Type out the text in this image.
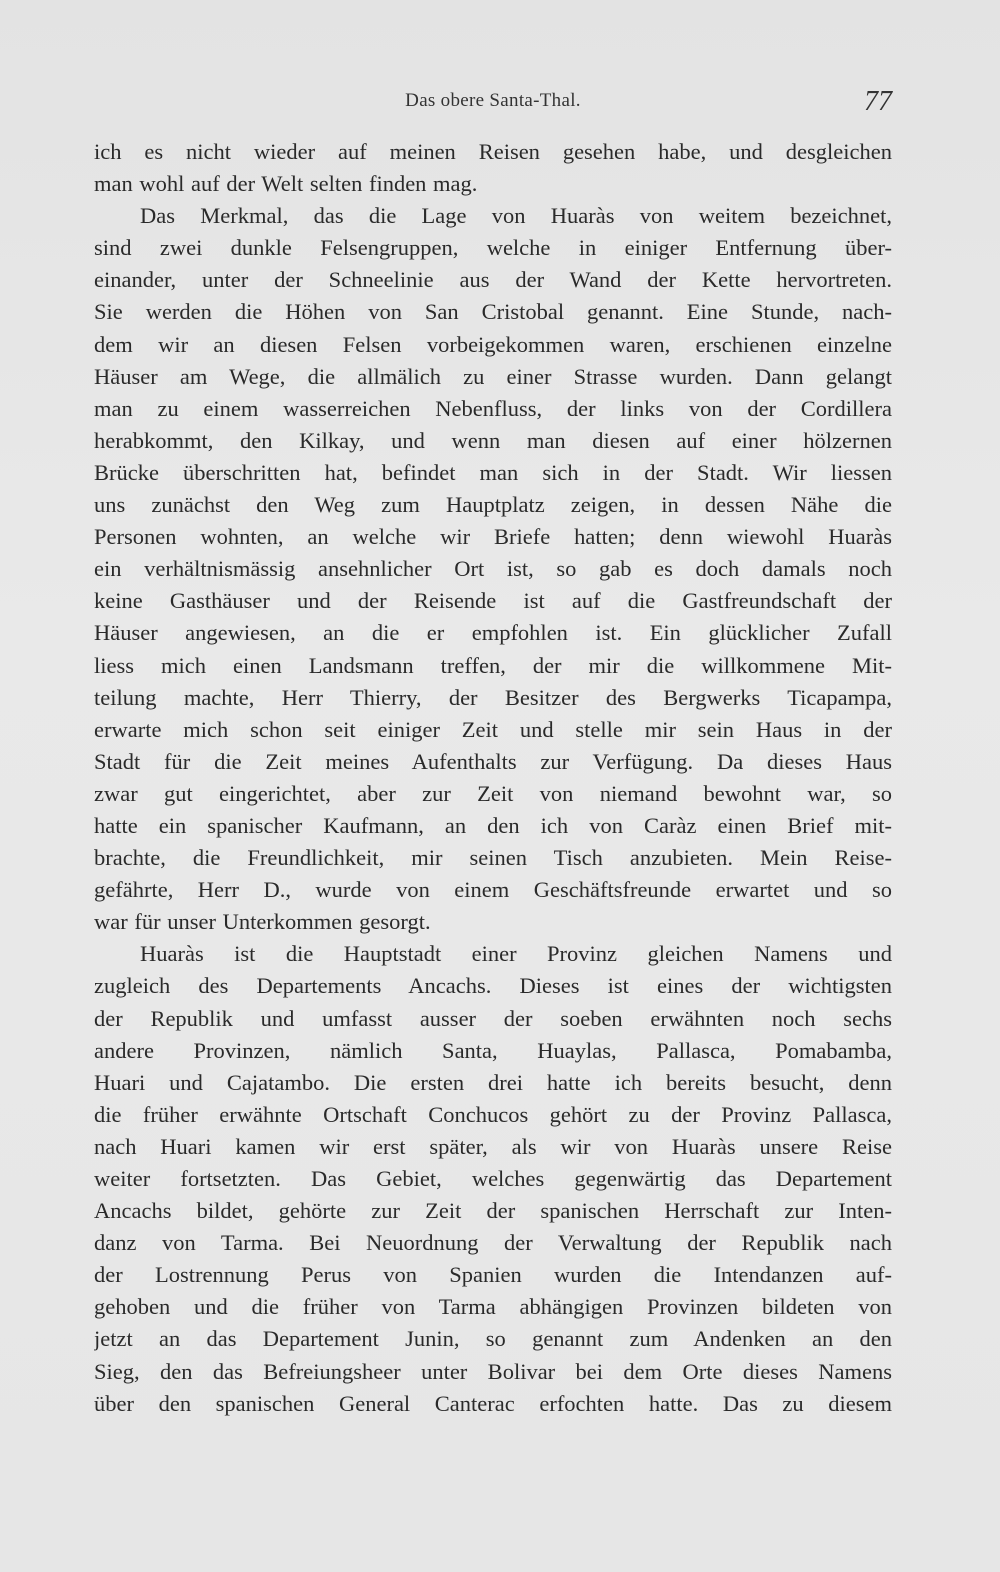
Das obere Santa-Thal.	77
ich es nicht wieder auf meinen Reisen gesehen habe, und desgleichen
man wohl auf der Welt selten finden mag.
Das Merkmal, das die Lage von Huaràs von weitem bezeichnet,
sind zwei dunkle Felsengruppen, welche in einiger Entfernung über-
einander, unter der Schneelinie aus der Wand der Kette hervortreten.
Sie werden die Höhen von San Cristobal genannt. Eine Stunde, nach-
dem wir an diesen Felsen vorbeigekommen waren, erschienen einzelne
Häuser am Wege, die allmälich zu einer Strasse wurden. Dann gelangt
man zu einem wasserreichen Nebenfluss, der links von der Cordillera
herabkommt, den Kilkay, und wenn man diesen auf einer hölzernen
Brücke überschritten hat, befindet man sich in der Stadt. Wir liessen
uns zunächst den Weg zum Hauptplatz zeigen, in dessen Nähe die
Personen wohnten, an welche wir Briefe hatten; denn wiewohl Huaràs
ein verhältnismässig ansehnlicher Ort ist, so gab es doch damals noch
keine Gasthäuser und der Reisende ist auf die Gastfreundschaft der
Häuser angewiesen, an die er empfohlen ist. Ein glücklicher Zufall
liess mich einen Landsmann treffen, der mir die willkommene Mit-
teilung machte, Herr Thierry, der Besitzer des Bergwerks Ticapampa,
erwarte mich schon seit einiger Zeit und stelle mir sein Haus in der
Stadt für die Zeit meines Aufenthalts zur Verfügung. Da dieses Haus
zwar gut eingerichtet, aber zur Zeit von niemand bewohnt war, so
hatte ein spanischer Kaufmann, an den ich von Caràz einen Brief mit-
brachte, die Freundlichkeit, mir seinen Tisch anzubieten. Mein Reise-
gefährte, Herr D., wurde von einem Geschäftsfreunde erwartet und so
war für unser Unterkommen gesorgt.
Huaràs ist die Hauptstadt einer Provinz gleichen Namens und
zugleich des Departements Ancachs. Dieses ist eines der wichtigsten
der Republik und umfasst ausser der soeben erwähnten noch sechs
andere Provinzen, nämlich Santa, Huaylas, Pallasca, Pomabamba,
Huari und Cajatambo. Die ersten drei hatte ich bereits besucht, denn
die früher erwähnte Ortschaft Conchucos gehört zu der Provinz Pallasca,
nach Huari kamen wir erst später, als wir von Huaràs unsere Reise
weiter fortsetzten. Das Gebiet, welches gegenwärtig das Departement
Ancachs bildet, gehörte zur Zeit der spanischen Herrschaft zur Inten-
danz von Tarma. Bei Neuordnung der Verwaltung der Republik nach
der Lostrennung Perus von Spanien wurden die Intendanzen auf-
gehoben und die früher von Tarma abhängigen Provinzen bildeten von
jetzt an das Departement Junin, so genannt zum Andenken an den
Sieg, den das Befreiungsheer unter Bolivar bei dem Orte dieses Namens
über den spanischen General Canterac erfochten hatte. Das zu diesem
